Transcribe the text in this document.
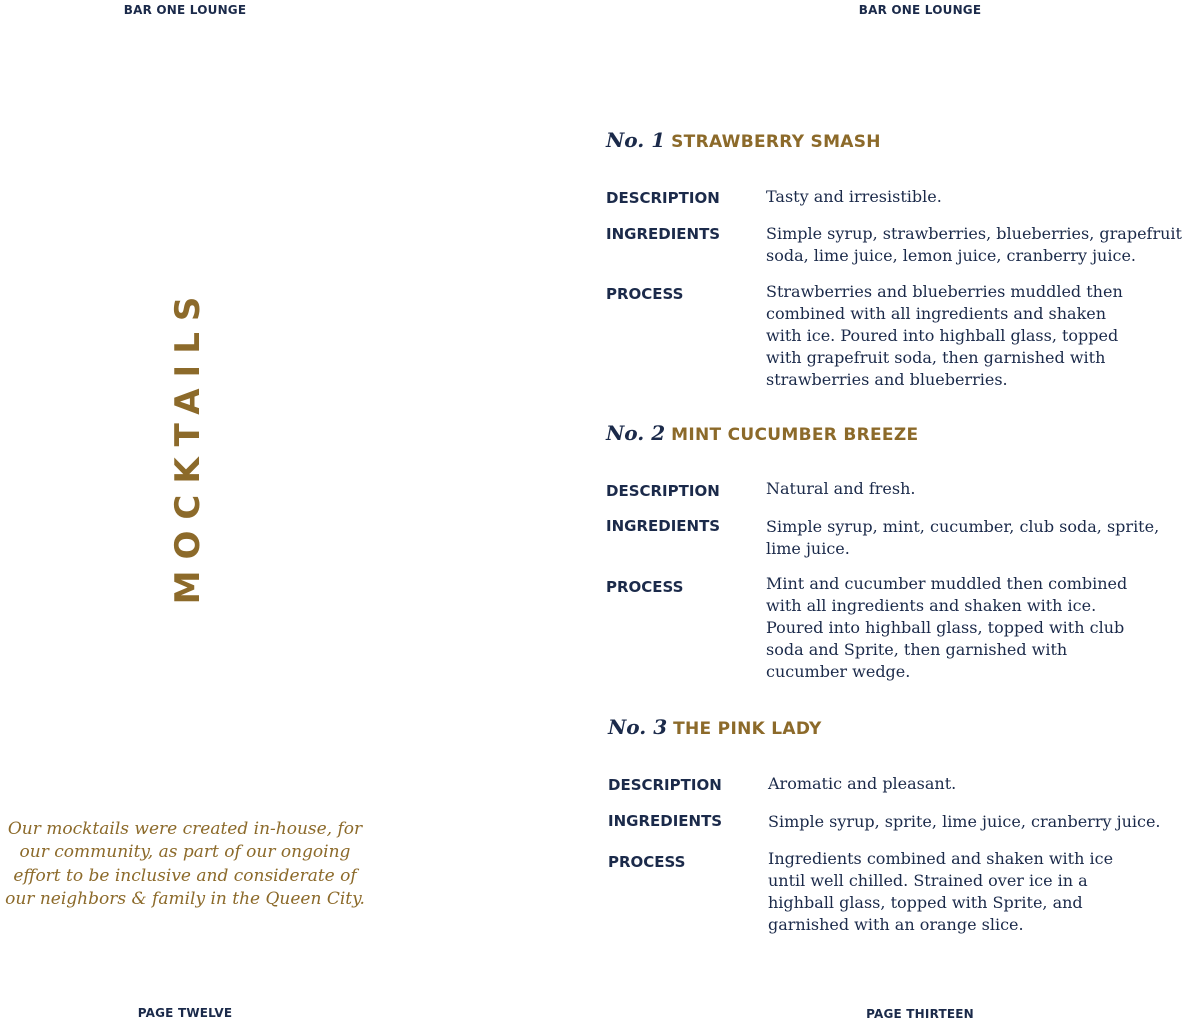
BAR ONE LOUNGE
MOCKTAILS
Our mocktails were created in-house, for our community, as part of our ongoing effort to be inclusive and considerate of our neighbors & family in the Queen City.
PAGE TWELVE
BAR ONE LOUNGE
No. 1 STRAWBERRY SMASH
DESCRIPTION	Tasty and irresistible.
INGREDIENTS	Simple syrup, strawberries, blueberries, grapefruit soda, lime juice, lemon juice, cranberry juice.
PROCESS	Strawberries and blueberries muddled then combined with all ingredients and shaken with ice. Poured into highball glass, topped with grapefruit soda, then garnished with strawberries and blueberries.
No. 2 MINT CUCUMBER BREEZE
DESCRIPTION	Natural and fresh.
INGREDIENTS	Simple syrup, mint, cucumber, club soda, sprite, lime juice.
PROCESS	Mint and cucumber muddled then combined with all ingredients and shaken with ice. Poured into highball glass, topped with club soda and Sprite, then garnished with cucumber wedge.
No. 3 THE PINK LADY
DESCRIPTION	Aromatic and pleasant.
INGREDIENTS	Simple syrup, sprite, lime juice, cranberry juice.
PROCESS	Ingredients combined and shaken with ice until well chilled. Strained over ice in a highball glass, topped with Sprite, and garnished with an orange slice.
PAGE THIRTEEN
